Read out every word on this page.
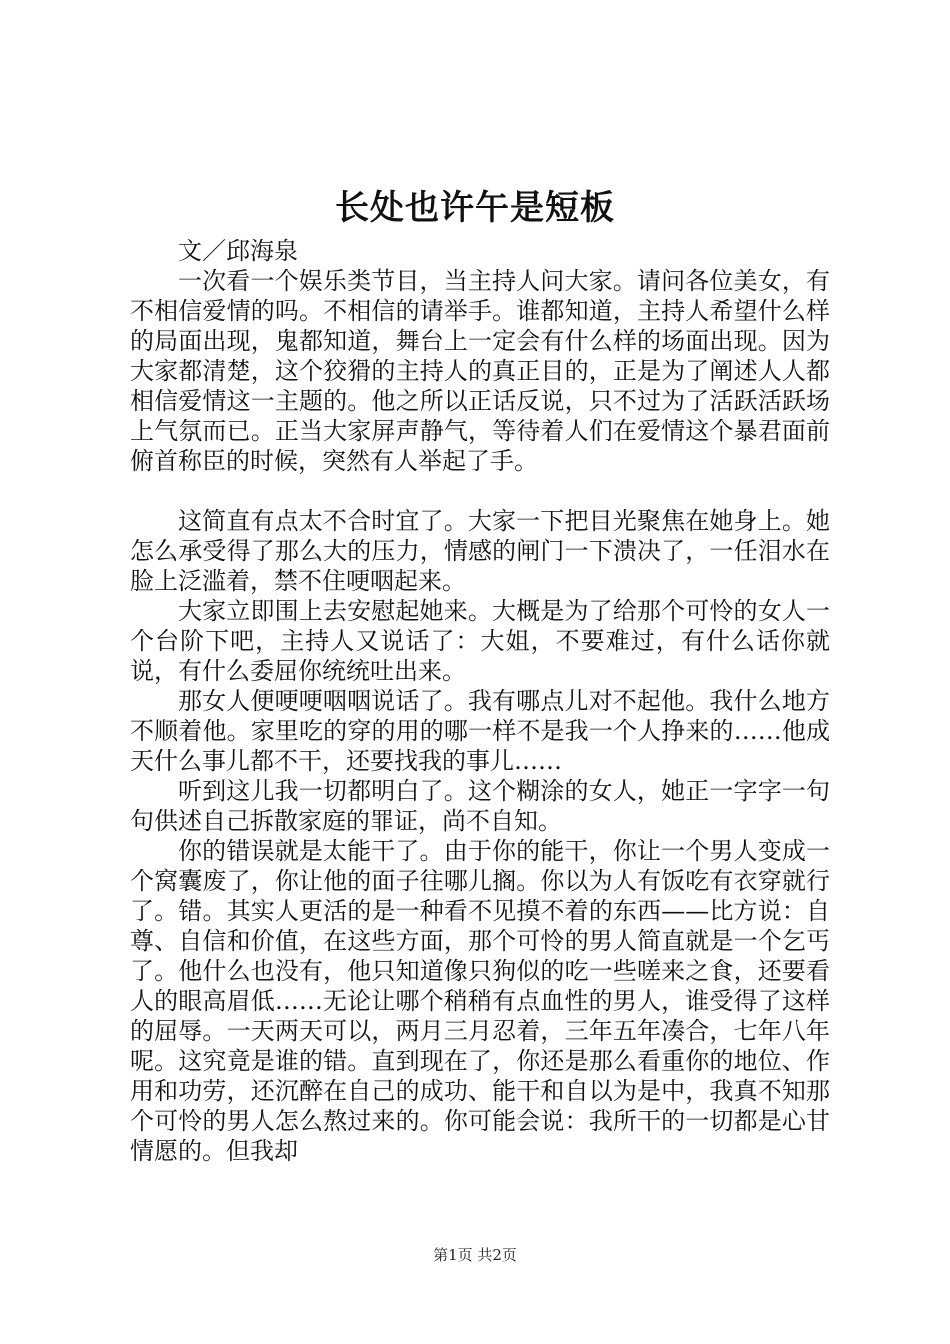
长处也许午是短板

文／邱海泉

一次看一个娱乐类节目，当主持人问大家。请问各位美女，有不相信爱情的吗。不相信的请举手。谁都知道，主持人希望什么样的局面出现，鬼都知道，舞台上一定会有什么样的场面出现。因为大家都清楚，这个狡猾的主持人的真正目的，正是为了阐述人人都相信爱情这一主题的。他之所以正话反说，只不过为了活跃活跃场上气氛而已。正当大家屏声静气，等待着人们在爱情这个暴君面前俯首称臣的时候，突然有人举起了手。

这简直有点太不合时宜了。大家一下把目光聚焦在她身上。她怎么承受得了那么大的压力，情感的闸门一下溃决了，一任泪水在脸上泛滥着，禁不住哽咽起来。

大家立即围上去安慰起她来。大概是为了给那个可怜的女人一个台阶下吧，主持人又说话了：大姐，不要难过，有什么话你就说，有什么委屈你统统吐出来。

那女人便哽哽咽咽说话了。我有哪点儿对不起他。我什么地方不顺着他。家里吃的穿的用的哪一样不是我一个人挣来的……他成天什么事儿都不干，还要找我的事儿……

听到这儿我一切都明白了。这个糊涂的女人，她正一字字一句句供述自己拆散家庭的罪证，尚不自知。

你的错误就是太能干了。由于你的能干，你让一个男人变成一个窝囊废了，你让他的面子往哪儿搁。你以为人有饭吃有衣穿就行了。错。其实人更活的是一种看不见摸不着的东西——比方说：自尊、自信和价值，在这些方面，那个可怜的男人简直就是一个乞丐了。他什么也没有，他只知道像只狗似的吃一些嗟来之食，还要看人的眼高眉低……无论让哪个稍稍有点血性的男人，谁受得了这样的屈辱。一天两天可以，两月三月忍着，三年五年凑合，七年八年呢。这究竟是谁的错。直到现在了，你还是那么看重你的地位、作用和功劳，还沉醉在自己的成功、能干和自以为是中，我真不知那个可怜的男人怎么熬过来的。你可能会说：我所干的一切都是心甘情愿的。但我却

第1页 共2页
